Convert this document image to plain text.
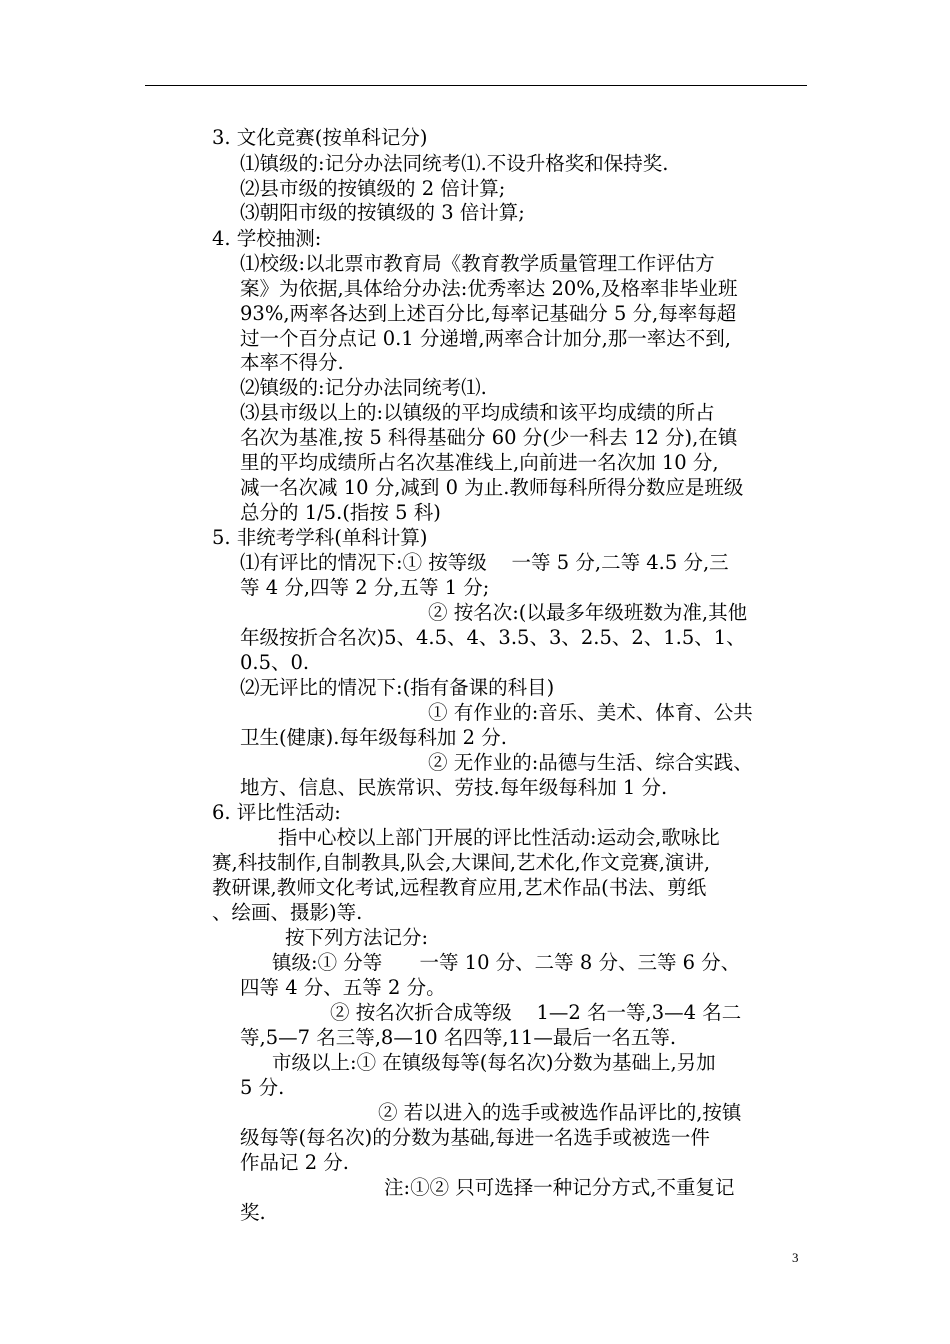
3. 文化竞赛(按单科记分)
⑴镇级的:记分办法同统考⑴.不设升格奖和保持奖.
⑵县市级的按镇级的 2 倍计算;
⑶朝阳市级的按镇级的 3 倍计算;
4. 学校抽测:
⑴校级:以北票市教育局《教育教学质量管理工作评估方
案》为依据,具体给分办法:优秀率达 20%,及格率非毕业班
93%,两率各达到上述百分比,每率记基础分 5 分,每率每超
过一个百分点记 0.1 分递增,两率合计加分,那一率达不到,
本率不得分.
⑵镇级的:记分办法同统考⑴.
⑶县市级以上的:以镇级的平均成绩和该平均成绩的所占
名次为基准,按 5 科得基础分 60 分(少一科去 12 分),在镇
里的平均成绩所占名次基准线上,向前进一名次加 10 分,
减一名次减 10 分,减到 0 为止.教师每科所得分数应是班级
总分的 1/5.(指按 5 科)
5. 非统考学科(单科计算)
⑴有评比的情况下:① 按等级    一等 5 分,二等 4.5 分,三
等 4 分,四等 2 分,五等 1 分;
② 按名次:(以最多年级班数为准,其他
年级按折合名次)5、4.5、4、3.5、3、2.5、2、1.5、1、
0.5、0.
⑵无评比的情况下:(指有备课的科目)
① 有作业的:音乐、美术、体育、公共
卫生(健康).每年级每科加 2 分.
② 无作业的:品德与生活、综合实践、
地方、信息、民族常识、劳技.每年级每科加 1 分.
6. 评比性活动:
指中心校以上部门开展的评比性活动:运动会,歌咏比
赛,科技制作,自制教具,队会,大课间,艺术化,作文竞赛,演讲,
教研课,教师文化考试,远程教育应用,艺术作品(书法、剪纸
、绘画、摄影)等.
按下列方法记分:
镇级:① 分等      一等 10 分、二等 8 分、三等 6 分、
四等 4 分、五等 2 分。
② 按名次折合成等级    1—2 名一等,3—4 名二
等,5—7 名三等,8—10 名四等,11—最后一名五等.
市级以上:① 在镇级每等(每名次)分数为基础上,另加
5 分.
② 若以进入的选手或被选作品评比的,按镇
级每等(每名次)的分数为基础,每进一名选手或被选一件
作品记 2 分.
注:①② 只可选择一种记分方式,不重复记
奖.
3
